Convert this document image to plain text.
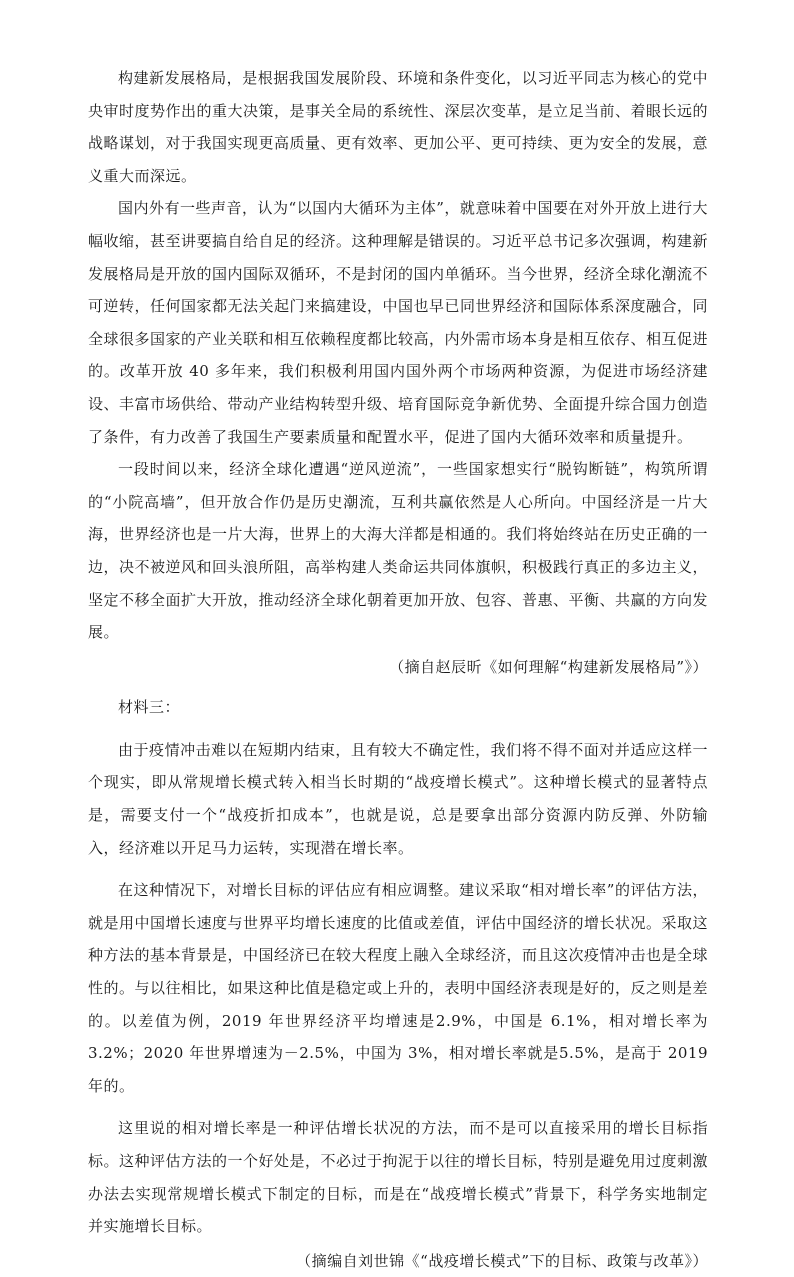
构建新发展格局，是根据我国发展阶段、环境和条件变化，以习近平同志为核心的党中央审时度势作出的重大决策，是事关全局的系统性、深层次变革，是立足当前、着眼长远的战略谋划，对于我国实现更高质量、更有效率、更加公平、更可持续、更为安全的发展，意义重大而深远。

国内外有一些声音，认为“以国内大循环为主体”，就意味着中国要在对外开放上进行大幅收缩，甚至讲要搞自给自足的经济。这种理解是错误的。习近平总书记多次强调，构建新发展格局是开放的国内国际双循环，不是封闭的国内单循环。当今世界，经济全球化潮流不可逆转，任何国家都无法关起门来搞建设，中国也早已同世界经济和国际体系深度融合，同全球很多国家的产业关联和相互依赖程度都比较高，内外需市场本身是相互依存、相互促进的。改革开放 40 多年来，我们积极利用国内国外两个市场两种资源，为促进市场经济建设、丰富市场供给、带动产业结构转型升级、培育国际竞争新优势、全面提升综合国力创造了条件，有力改善了我国生产要素质量和配置水平，促进了国内大循环效率和质量提升。

一段时间以来，经济全球化遭遇“逆风逆流”，一些国家想实行“脱钩断链”，构筑所谓的“小院高墙”，但开放合作仍是历史潮流，互利共赢依然是人心所向。中国经济是一片大海，世界经济也是一片大海，世界上的大海大洋都是相通的。我们将始终站在历史正确的一边，决不被逆风和回头浪所阻，高举构建人类命运共同体旗帜，积极践行真正的多边主义，坚定不移全面扩大开放，推动经济全球化朝着更加开放、包容、普惠、平衡、共赢的方向发展。

（摘自赵辰昕《如何理解“构建新发展格局”》）

材料三：

由于疫情冲击难以在短期内结束，且有较大不确定性，我们将不得不面对并适应这样一个现实，即从常规增长模式转入相当长时期的“战疫增长模式”。这种增长模式的显著特点是，需要支付一个“战疫折扣成本”，也就是说，总是要拿出部分资源内防反弹、外防输入，经济难以开足马力运转，实现潜在增长率。

在这种情况下，对增长目标的评估应有相应调整。建议采取“相对增长率”的评估方法，就是用中国增长速度与世界平均增长速度的比值或差值，评估中国经济的增长状况。采取这种方法的基本背景是，中国经济已在较大程度上融入全球经济，而且这次疫情冲击也是全球性的。与以往相比，如果这种比值是稳定或上升的，表明中国经济表现是好的，反之则是差的。以差值为例，2019 年世界经济平均增速是2.9%，中国是 6.1%，相对增长率为 3.2%；2020 年世界增速为－2.5%，中国为 3%，相对增长率就是5.5%，是高于 2019 年的。

这里说的相对增长率是一种评估增长状况的方法，而不是可以直接采用的增长目标指标。这种评估方法的一个好处是，不必过于拘泥于以往的增长目标，特别是避免用过度刺激办法去实现常规增长模式下制定的目标，而是在“战疫增长模式”背景下，科学务实地制定并实施增长目标。

（摘编自刘世锦《“战疫增长模式”下的目标、政策与改革》）
